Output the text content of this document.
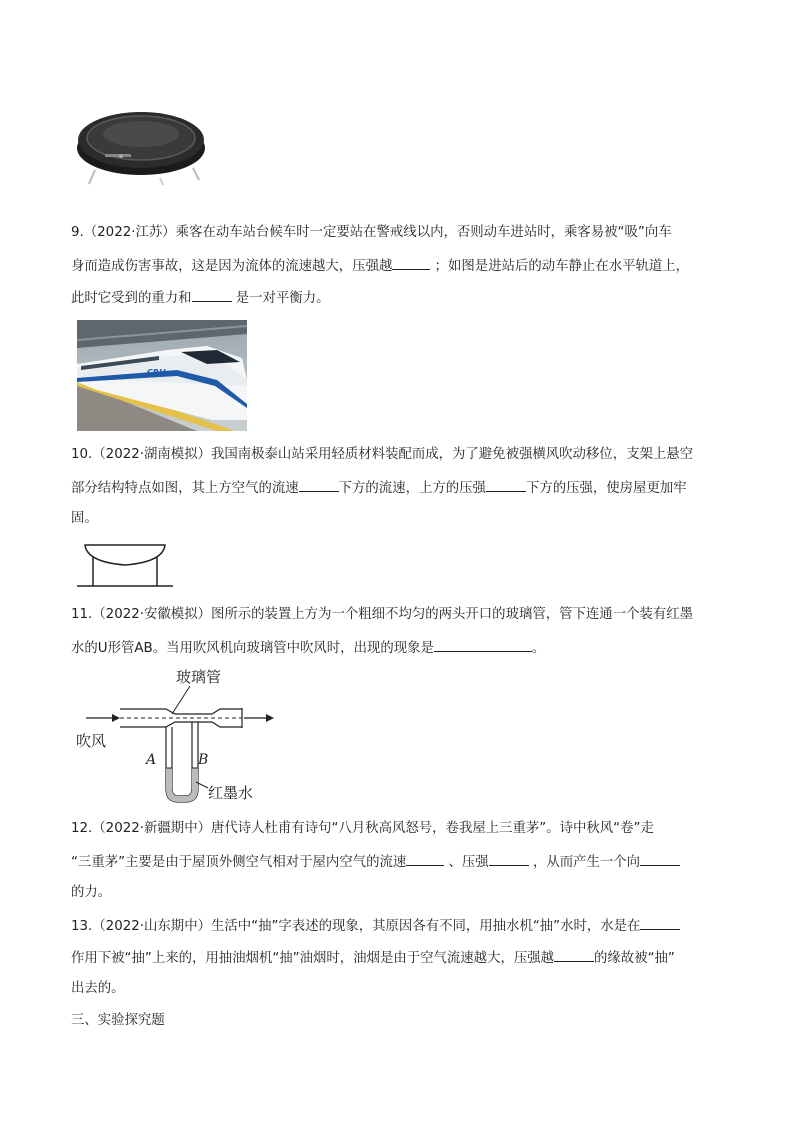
9.（2022·江苏）乘客在动车站台候车时一定要站在警戒线以内，否则动车进站时，乘客易被“吸”向车
身而造成伤害事故，这是因为流体的流速越大，压强越	；如图是进站后的动车静止在水平轨道上，
此时它受到的重力和	是一对平衡力。
CRH
10.（2022·湖南模拟）我国南极泰山站采用轻质材料装配而成，为了避免被强横风吹动移位，支架上悬空
部分结构特点如图，其上方空气的流速	下方的流速，上方的压强	下方的压强，使房屋更加牢
固。
11.（2022·安徽模拟）图所示的装置上方为一个粗细不均匀的两头开口的玻璃管，管下连通一个装有红墨
水的U形管AB。当用吹风机向玻璃管中吹风时，出现的现象是	。
玻璃管
吹风
A	B
红墨水
12.（2022·新疆期中）唐代诗人杜甫有诗句“八月秋高风怒号，卷我屋上三重茅”。诗中秋风“卷”走
“三重茅”主要是由于屋顶外侧空气相对于屋内空气的流速	、压强	，从而产生一个向
的力。
13.（2022·山东期中）生活中“抽”字表述的现象，其原因各有不同，用抽水机“抽”水时，水是在
作用下被“抽”上来的，用抽油烟机“抽”油烟时，油烟是由于空气流速越大，压强越	的缘故被“抽”
出去的。
三、实验探究题
